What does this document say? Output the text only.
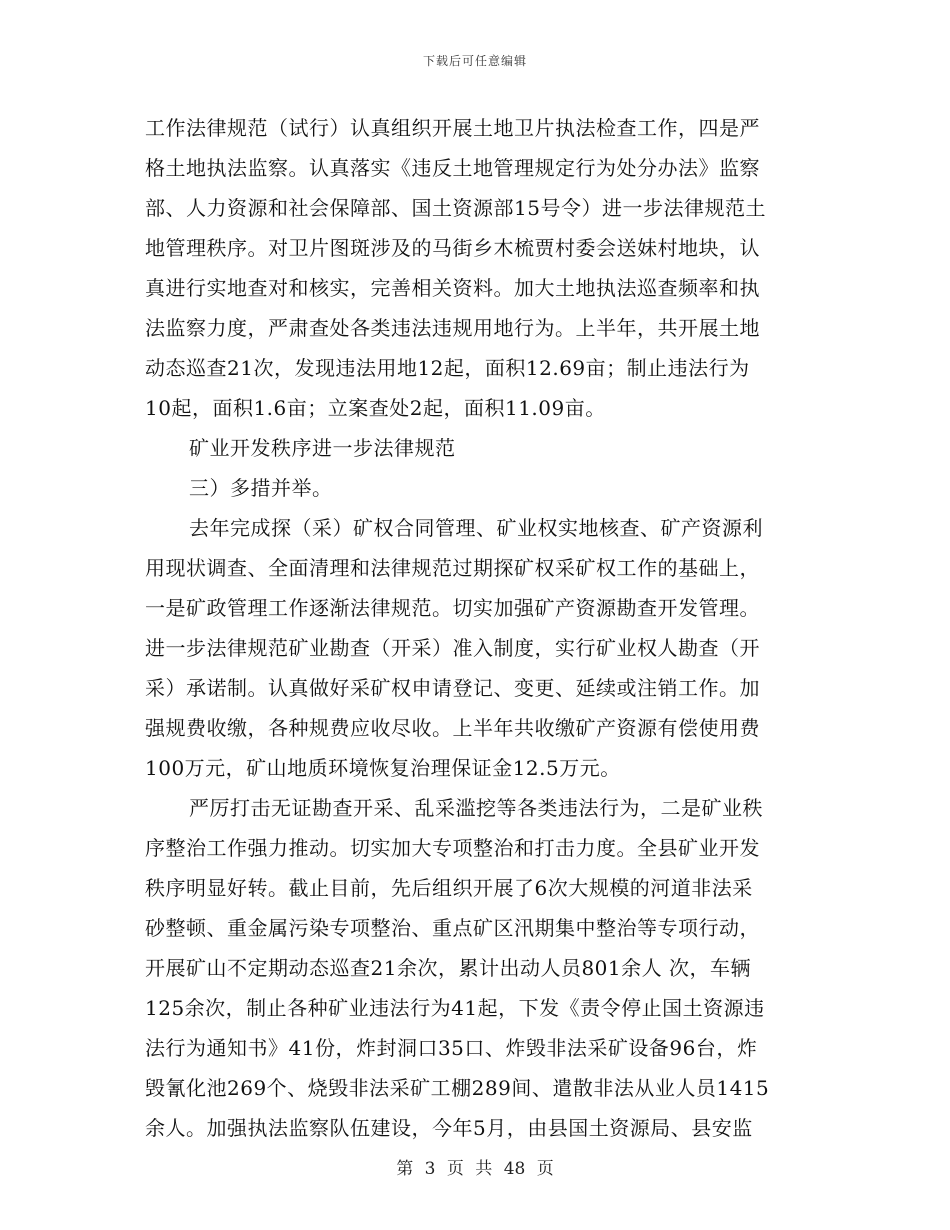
下载后可任意编辑
工作法律规范（试行）认真组织开展土地卫片执法检查工作，四是严
格土地执法监察。认真落实《违反土地管理规定行为处分办法》监察
部、人力资源和社会保障部、国土资源部15号令）进一步法律规范土
地管理秩序。对卫片图斑涉及的马街乡木梳贾村委会送妹村地块，认
真进行实地查对和核实，完善相关资料。加大土地执法巡查频率和执
法监察力度，严肃查处各类违法违规用地行为。上半年，共开展土地
动态巡查21次，发现违法用地12起，面积12.69亩；制止违法行为
10起，面积1.6亩；立案查处2起，面积11.09亩。
矿业开发秩序进一步法律规范
三）多措并举。
去年完成探（采）矿权合同管理、矿业权实地核查、矿产资源利
用现状调查、全面清理和法律规范过期探矿权采矿权工作的基础上，
一是矿政管理工作逐渐法律规范。切实加强矿产资源勘查开发管理。
进一步法律规范矿业勘查（开采）准入制度，实行矿业权人勘查（开
采）承诺制。认真做好采矿权申请登记、变更、延续或注销工作。加
强规费收缴，各种规费应收尽收。上半年共收缴矿产资源有偿使用费
100万元，矿山地质环境恢复治理保证金12.5万元。
严厉打击无证勘查开采、乱采滥挖等各类违法行为，二是矿业秩
序整治工作强力推动。切实加大专项整治和打击力度。全县矿业开发
秩序明显好转。截止目前，先后组织开展了6次大规模的河道非法采
砂整顿、重金属污染专项整治、重点矿区汛期集中整治等专项行动，
开展矿山不定期动态巡查21余次，累计出动人员801余人 次，车辆
125余次，制止各种矿业违法行为41起，下发《责令停止国土资源违
法行为通知书》41份，炸封洞口35口、炸毁非法采矿设备96台，炸
毁氰化池269个、烧毁非法采矿工棚289间、遣散非法从业人员1415
余人。加强执法监察队伍建设，今年5月，由县国土资源局、县安监
第 3 页 共 48 页
